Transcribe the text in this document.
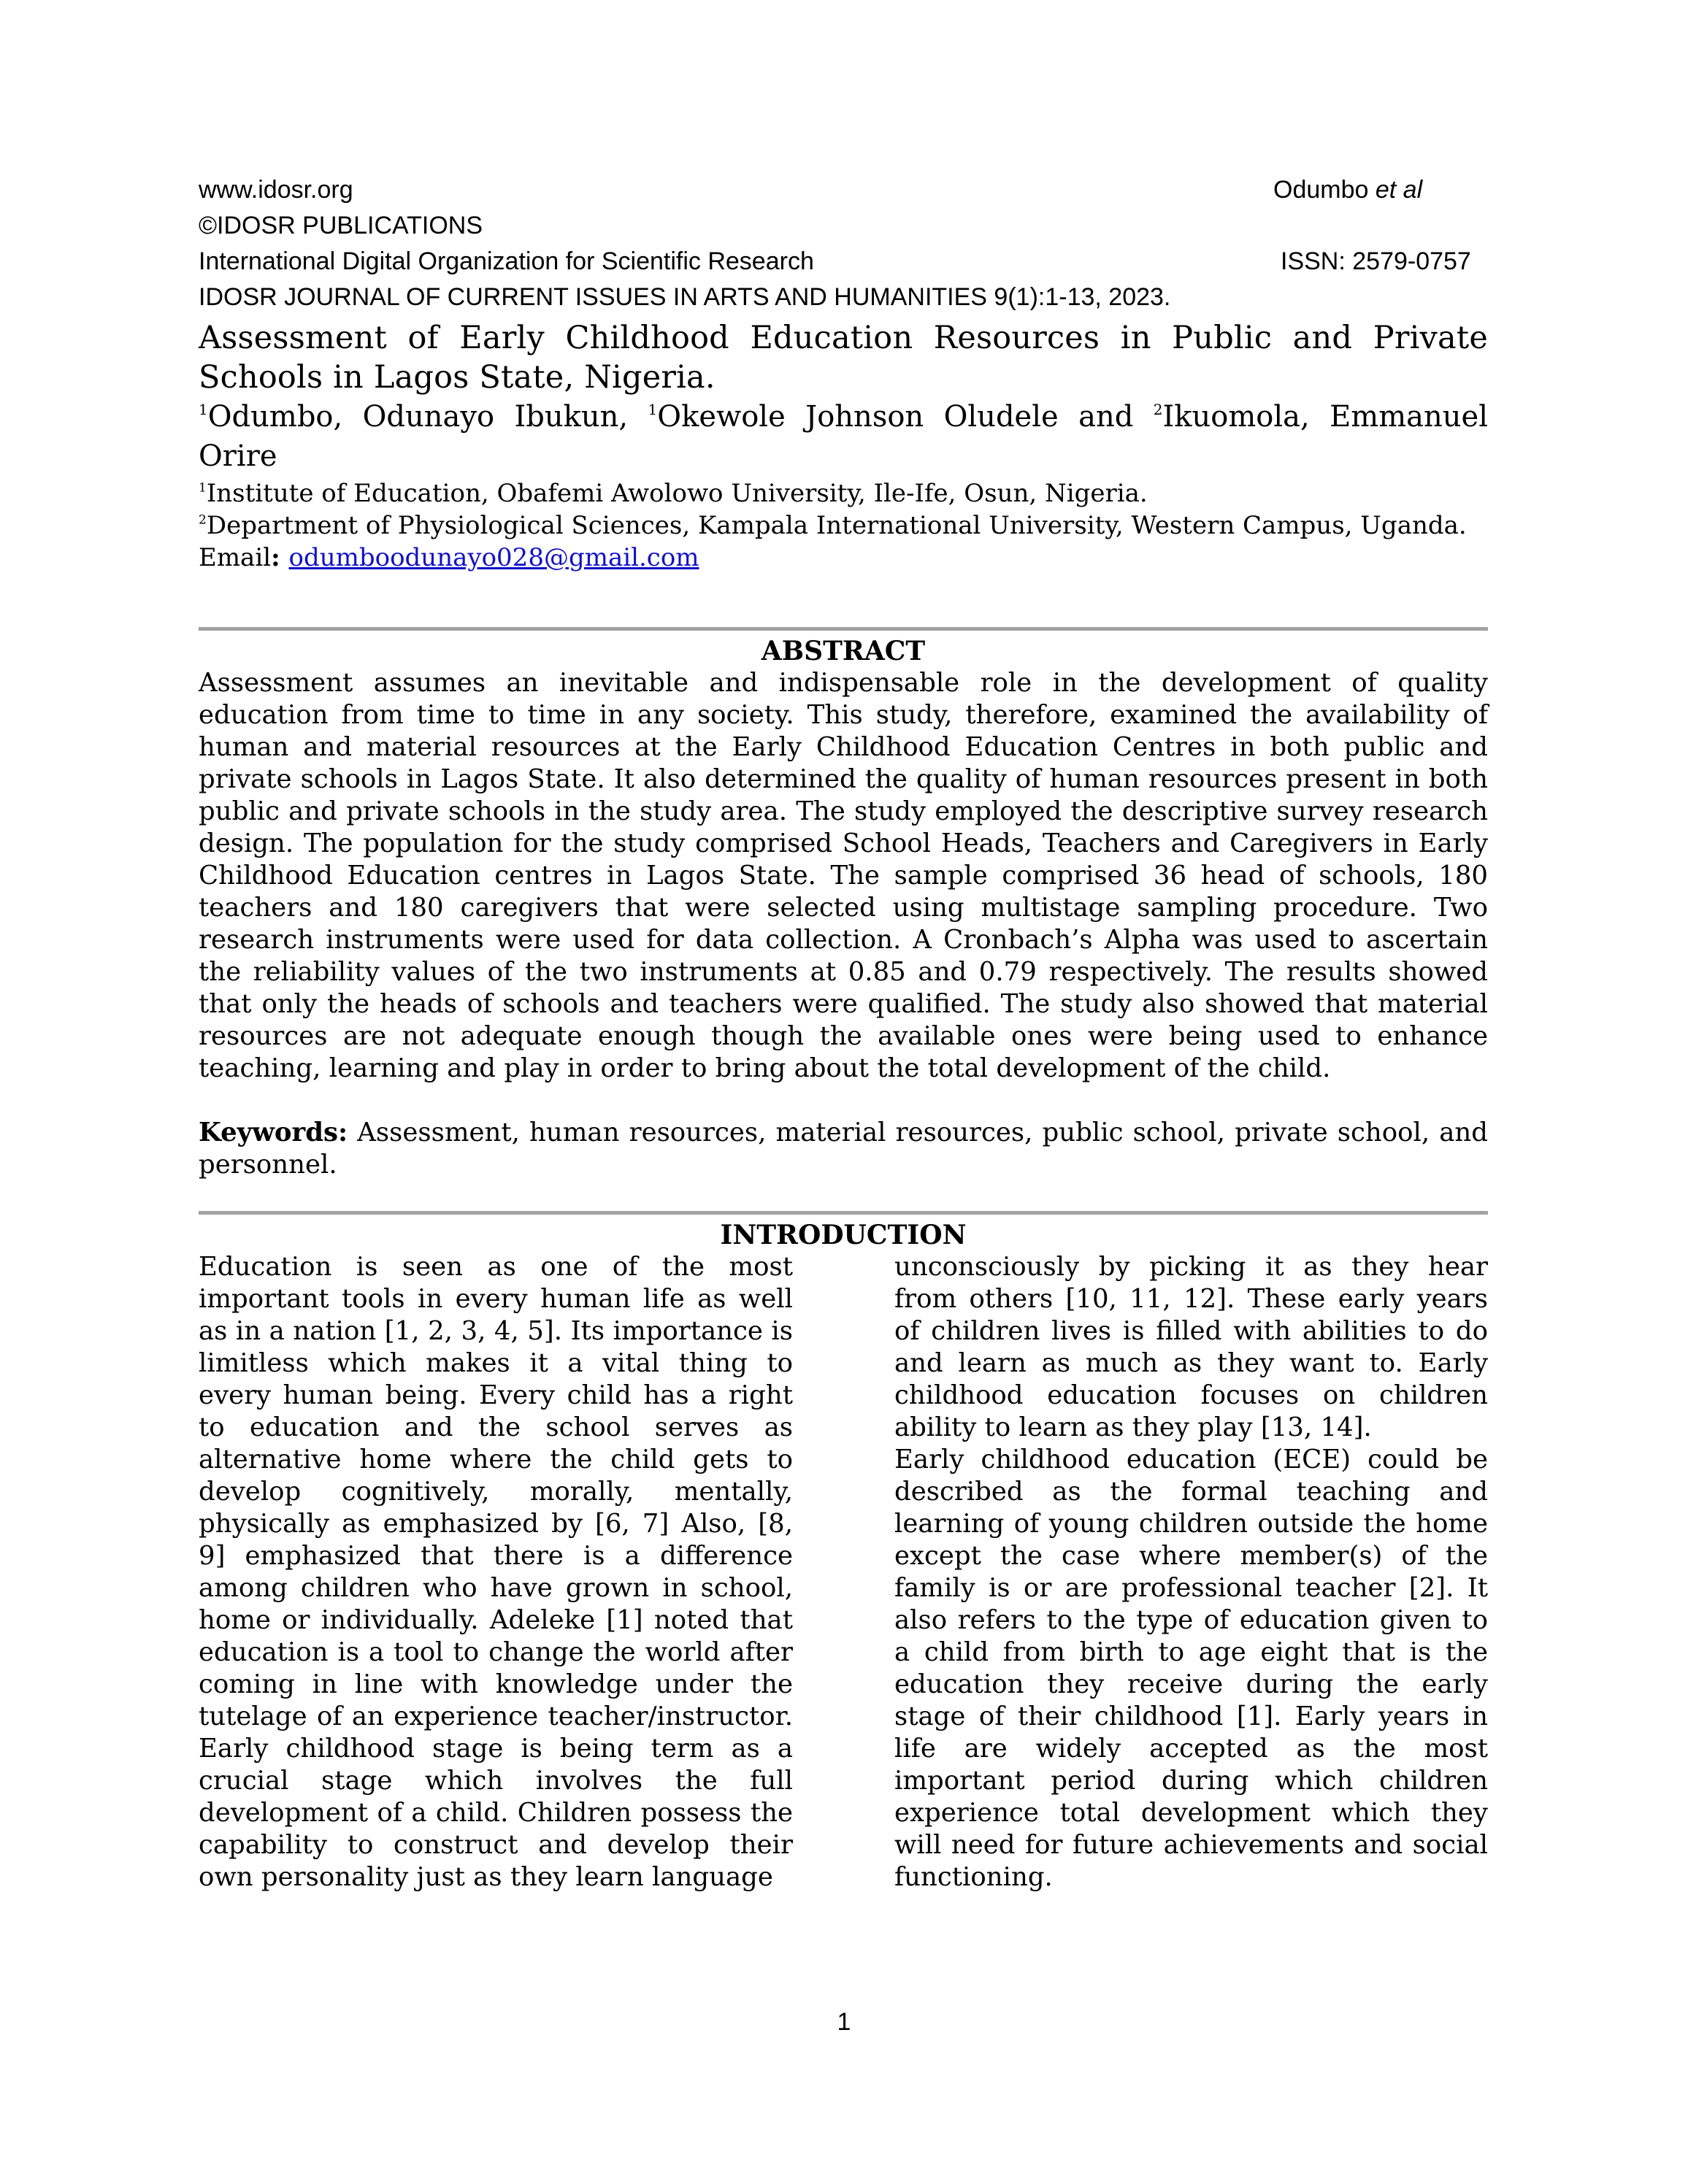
www.idosr.org	Odumbo et al
©IDOSR PUBLICATIONS
International Digital Organization for Scientific Research	ISSN: 2579-0757
IDOSR JOURNAL OF CURRENT ISSUES IN ARTS AND HUMANITIES 9(1):1-13, 2023.
Assessment of Early Childhood Education Resources in Public and Private Schools in Lagos State, Nigeria.
$^1$Odumbo, Odunayo Ibukun, $^1$Okewole Johnson Oludele and $^2$Ikuomola, Emmanuel Orire
$^1$Institute of Education, Obafemi Awolowo University, Ile-Ife, Osun, Nigeria.
$^2$Department of Physiological Sciences, Kampala International University, Western Campus, Uganda.
Email: odumboodunayo028@gmail.com
ABSTRACT
Assessment assumes an inevitable and indispensable role in the development of quality education from time to time in any society. This study, therefore, examined the availability of human and material resources at the Early Childhood Education Centres in both public and private schools in Lagos State. It also determined the quality of human resources present in both public and private schools in the study area. The study employed the descriptive survey research design. The population for the study comprised School Heads, Teachers and Caregivers in Early Childhood Education centres in Lagos State. The sample comprised 36 head of schools, 180 teachers and 180 caregivers that were selected using multistage sampling procedure. Two research instruments were used for data collection. A Cronbach’s Alpha was used to ascertain the reliability values of the two instruments at 0.85 and 0.79 respectively. The results showed that only the heads of schools and teachers were qualified. The study also showed that material resources are not adequate enough though the available ones were being used to enhance teaching, learning and play in order to bring about the total development of the child.
Keywords: Assessment, human resources, material resources, public school, private school, and personnel.
INTRODUCTION

Education is seen as one of the most important tools in every human life as well as in a nation [1, 2, 3, 4, 5]. Its importance is limitless which makes it a vital thing to every human being. Every child has a right to education and the school serves as alternative home where the child gets to develop cognitively, morally, mentally, physically as emphasized by [6, 7] Also, [8, 9] emphasized that there is a difference among children who have grown in school, home or individually. Adeleke [1] noted that education is a tool to change the world after coming in line with knowledge under the tutelage of an experience teacher/instructor. Early childhood stage is being term as a crucial stage which involves the full development of a child. Children possess the capability to construct and develop their own personality just as they learn language

unconsciously by picking it as they hear from others [10, 11, 12]. These early years of children lives is filled with abilities to do and learn as much as they want to. Early childhood education focuses on children ability to learn as they play [13, 14].

Early childhood education (ECE) could be described as the formal teaching and learning of young children outside the home except the case where member(s) of the family is or are professional teacher [2]. It also refers to the type of education given to a child from birth to age eight that is the education they receive during the early stage of their childhood [1]. Early years in life are widely accepted as the most important period during which children experience total development which they will need for future achievements and social functioning.

1
